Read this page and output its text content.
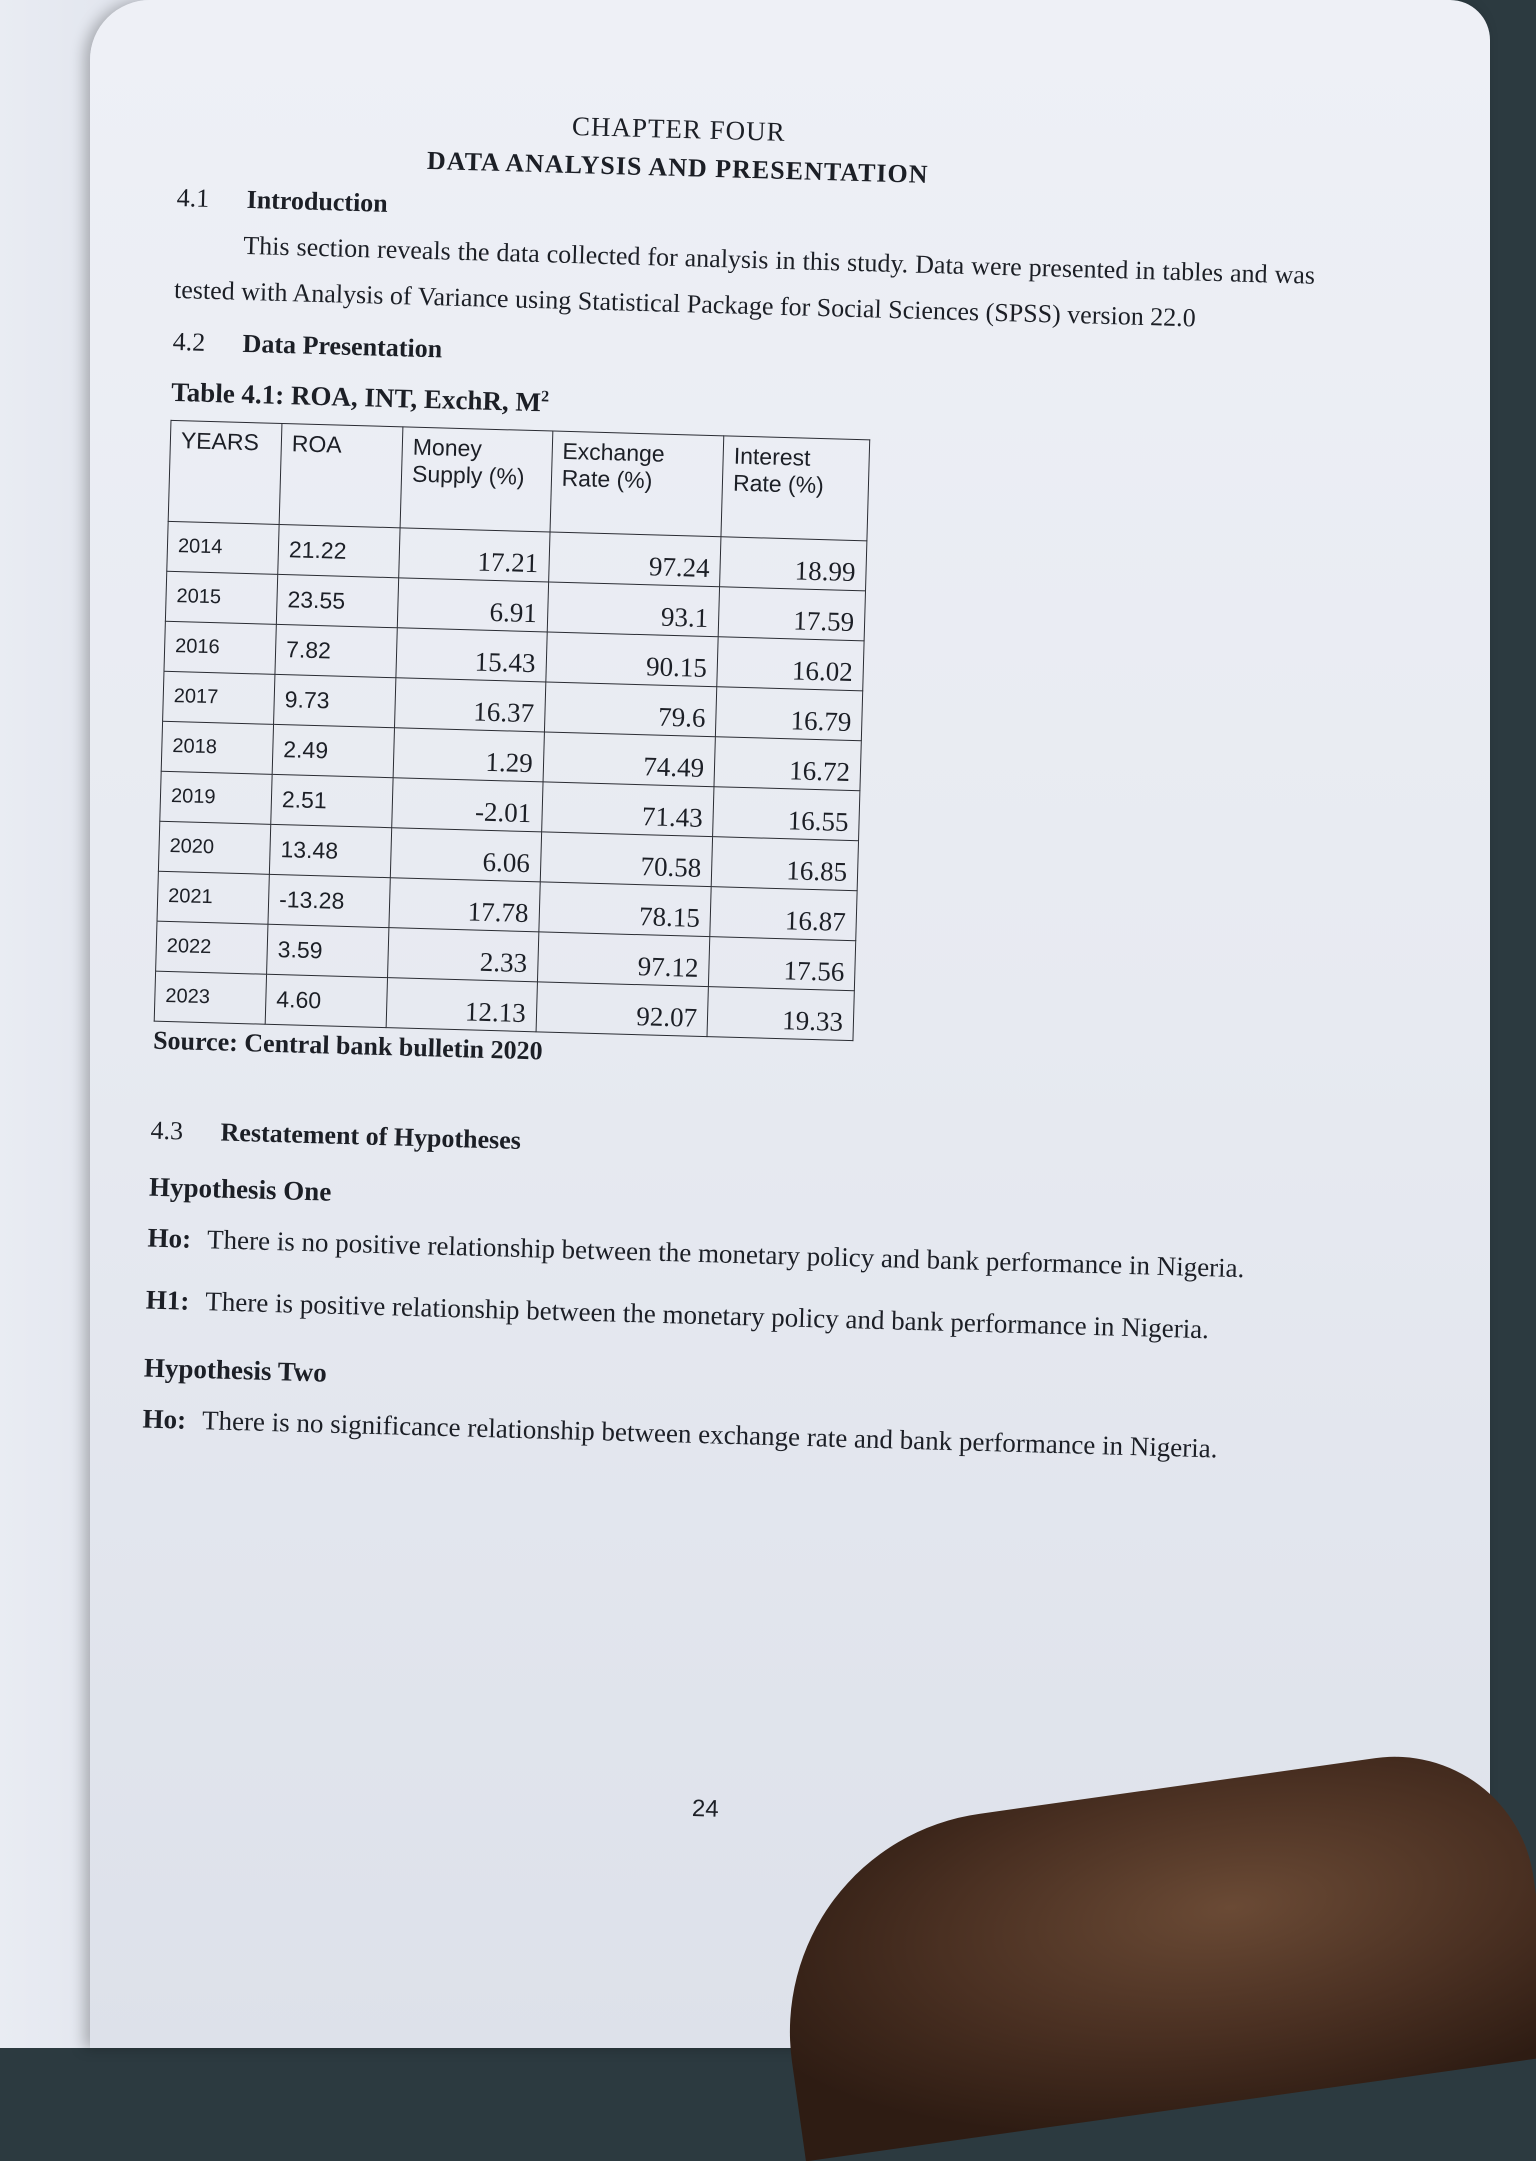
CHAPTER FOUR
DATA ANALYSIS AND PRESENTATION
4.1	Introduction
This section reveals the data collected for analysis in this study. Data were presented in tables and was tested with Analysis of Variance using Statistical Package for Social Sciences (SPSS) version 22.0
4.2	Data Presentation
Table 4.1: ROA, INT, ExchR, $M^2$
YEARS	ROA	Money Supply (%)	Exchange Rate (%)	Interest Rate (%)
2014	21.22	17.21	97.24	18.99
2015	23.55	6.91	93.1	17.59
2016	7.82	15.43	90.15	16.02
2017	9.73	16.37	79.6	16.79
2018	2.49	1.29	74.49	16.72
2019	2.51	-2.01	71.43	16.55
2020	13.48	6.06	70.58	16.85
2021	-13.28	17.78	78.15	16.87
2022	3.59	2.33	97.12	17.56
2023	4.60	12.13	92.07	19.33
Source: Central bank bulletin 2020
4.3	Restatement of Hypotheses
Hypothesis One
Ho: There is no positive relationship between the monetary policy and bank performance in Nigeria.
H1: There is positive relationship between the monetary policy and bank performance in Nigeria.
Hypothesis Two
Ho: There is no significance relationship between exchange rate and bank performance in Nigeria.
24
